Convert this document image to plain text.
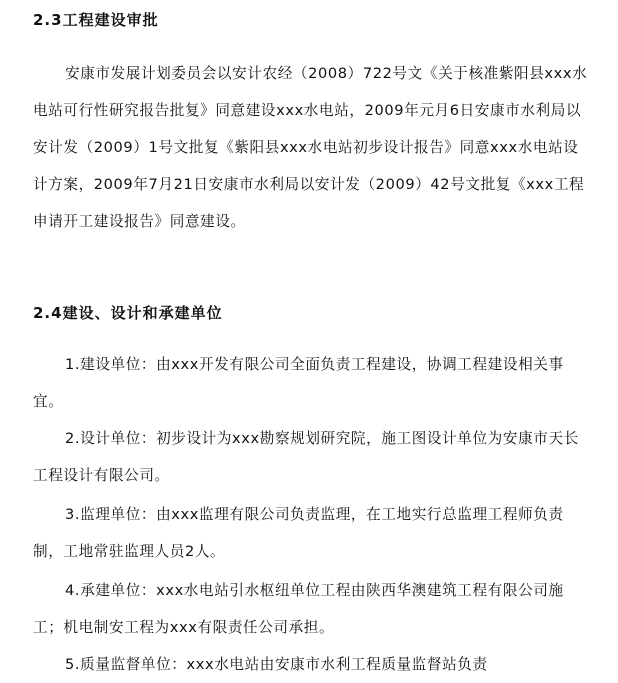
2.3工程建设审批

安康市发展计划委员会以安计农经（2008）722号文《关于核准紫阳县xxx水电站可行性研究报告批复》同意建设xxx水电站，2009年元月6日安康市水利局以安计发（2009）1号文批复《紫阳县xxx水电站初步设计报告》同意xxx水电站设计方案，2009年7月21日安康市水利局以安计发（2009）42号文批复《xxx工程申请开工建设报告》同意建设。

2.4建设、设计和承建单位

1.建设单位：由xxx开发有限公司全面负责工程建设，协调工程建设相关事宜。

2.设计单位：初步设计为xxx勘察规划研究院，施工图设计单位为安康市天长工程设计有限公司。

3.监理单位：由xxx监理有限公司负责监理，在工地实行总监理工程师负责制，工地常驻监理人员2人。

4.承建单位：xxx水电站引水枢纽单位工程由陕西华澳建筑工程有限公司施工；机电制安工程为xxx有限责任公司承担。

5.质量监督单位：xxx水电站由安康市水利工程质量监督站负责
